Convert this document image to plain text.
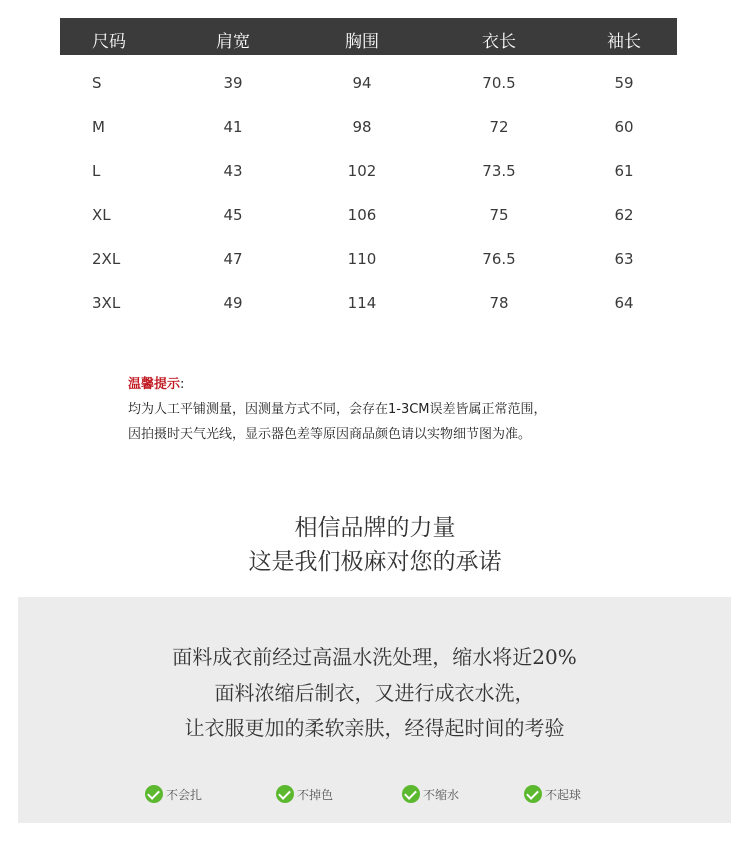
尺码	肩宽	胸围	衣长	袖长
S	39	94	70.5	59
M	41	98	72	60
L	43	102	73.5	61
XL	45	106	75	62
2XL	47	110	76.5	63
3XL	49	114	78	64
温馨提示:
均为人工平铺测量，因测量方式不同，会存在1-3CM误差皆属正常范围，
因拍摄时天气光线，显示器色差等原因商品颜色请以实物细节图为准。
相信品牌的力量
这是我们极麻对您的承诺
面料成衣前经过高温水洗处理，缩水将近20%
面料浓缩后制衣，又进行成衣水洗，
让衣服更加的柔软亲肤，经得起时间的考验
不会扎	不掉色	不缩水	不起球
